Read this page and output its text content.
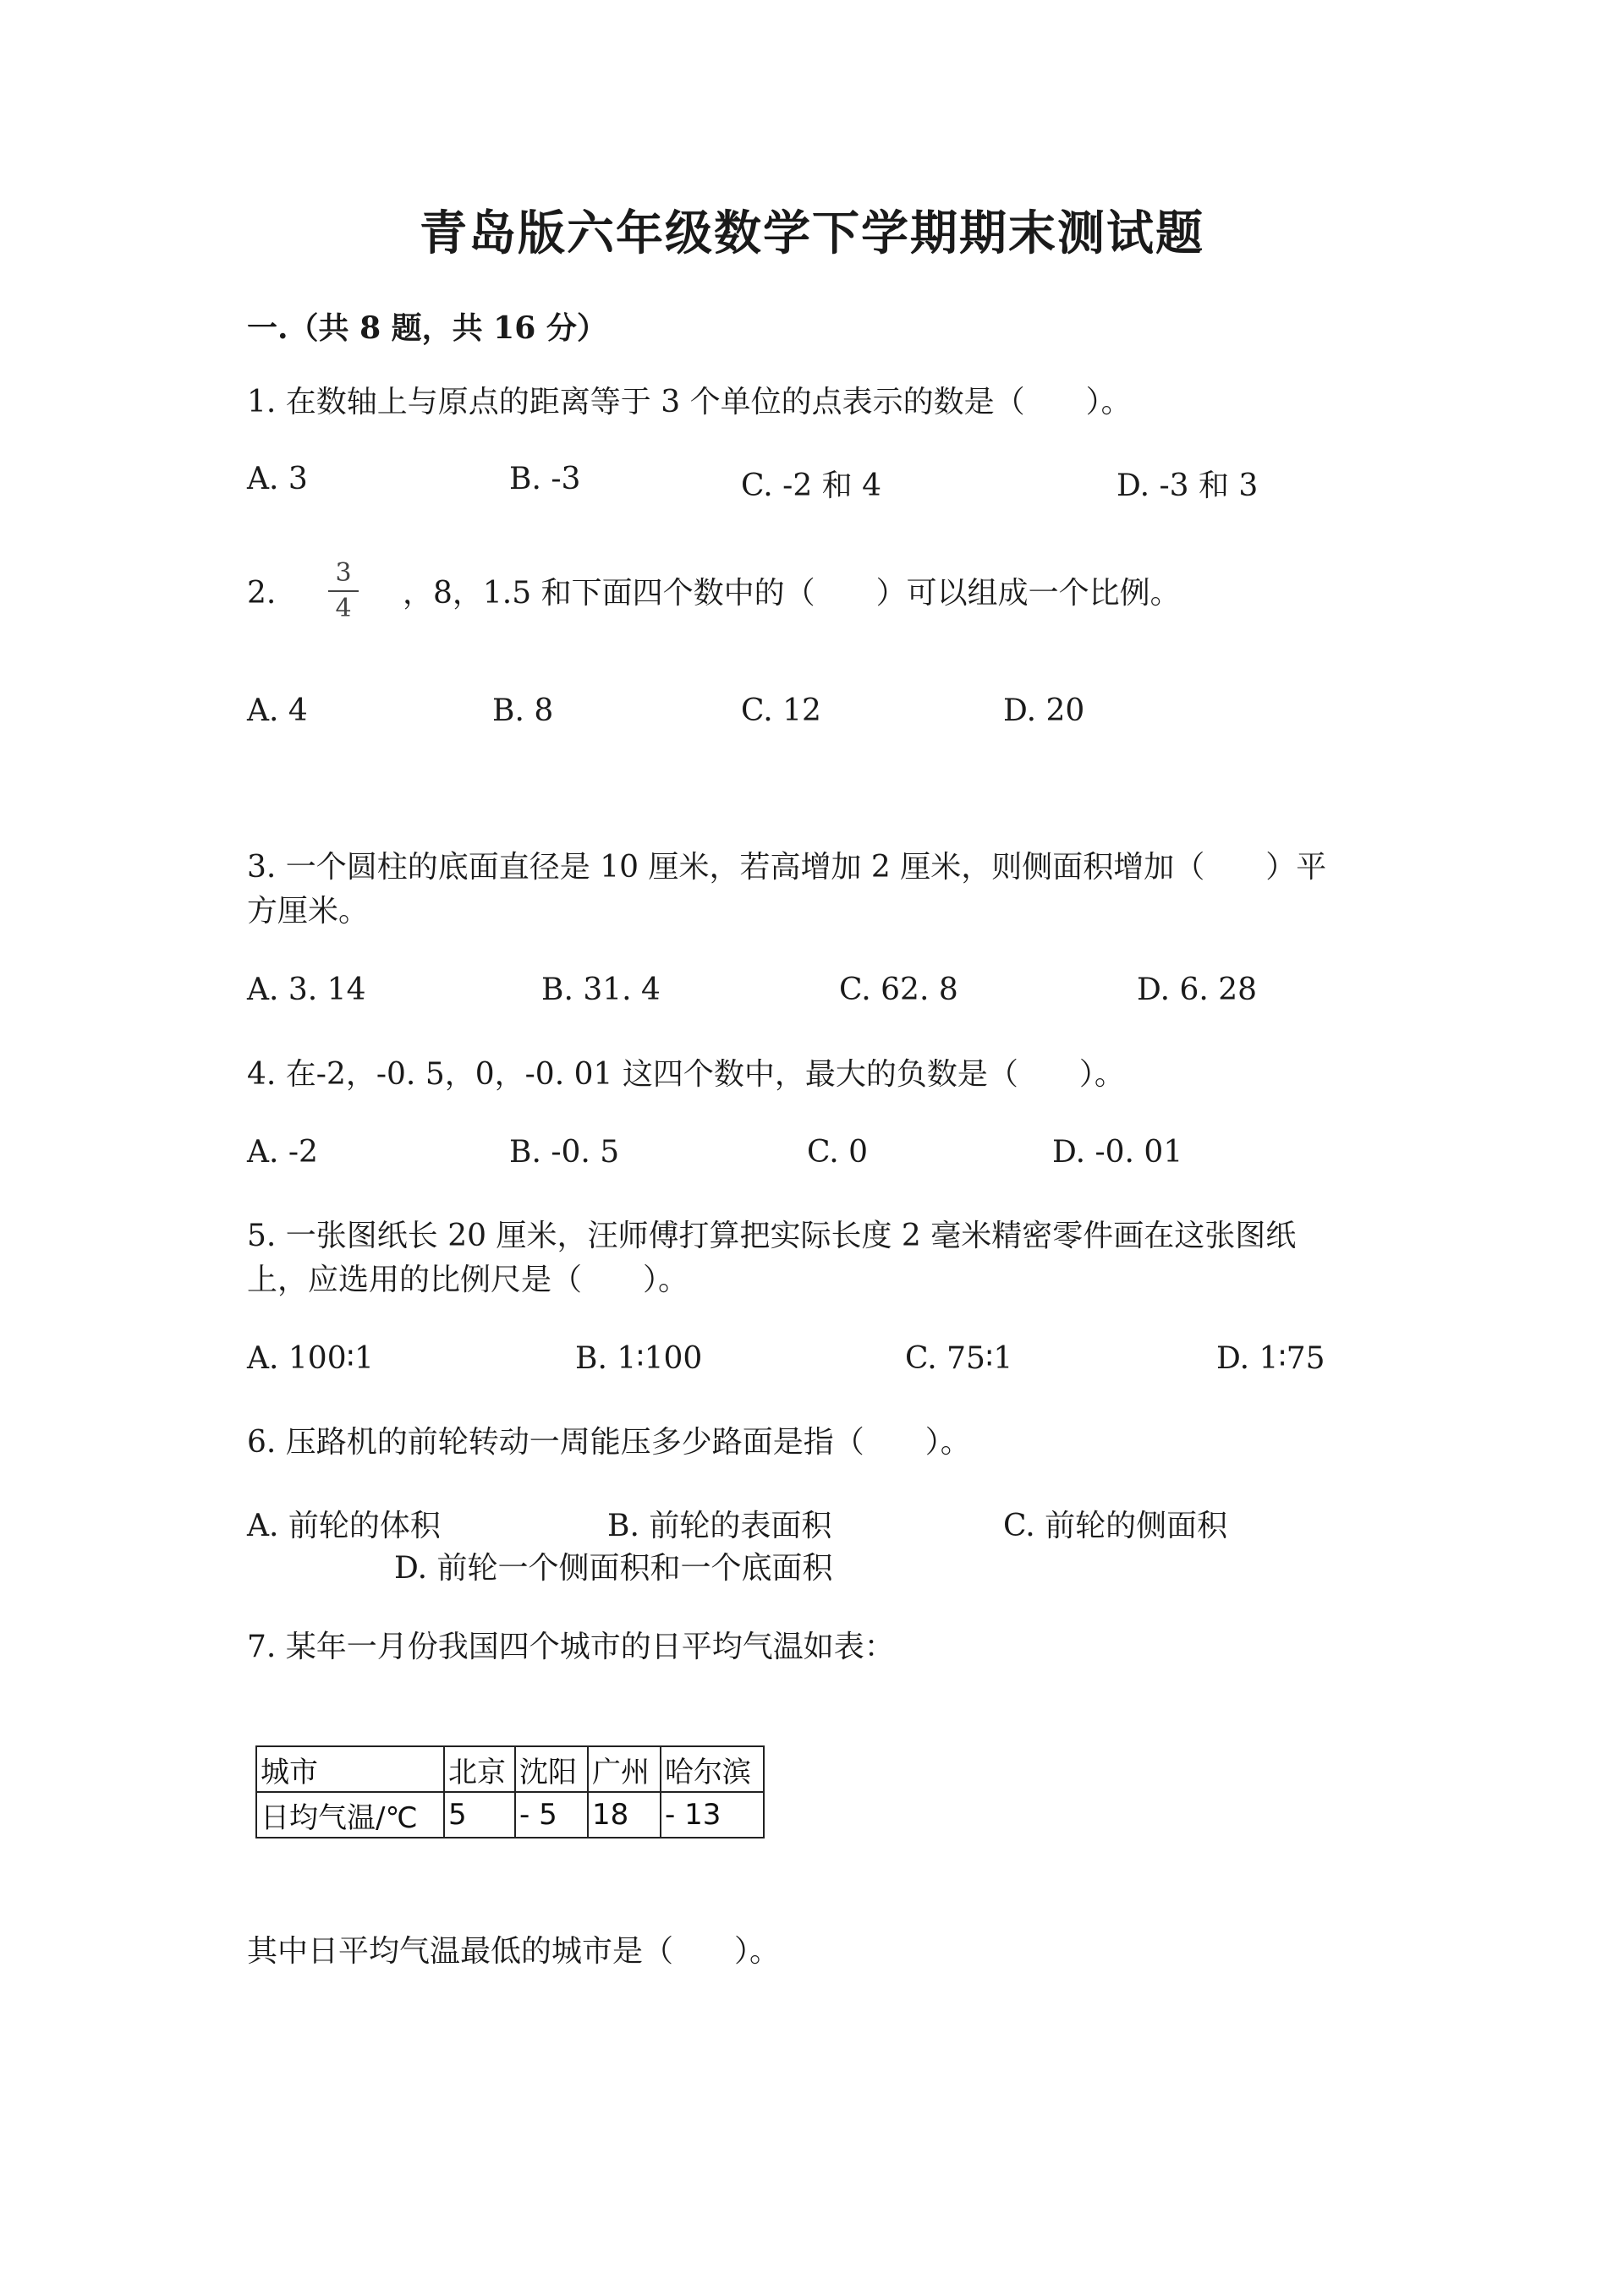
青岛版六年级数学下学期期末测试题
一.（共 8 题，共 16 分）
1. 在数轴上与原点的距离等于 3 个单位的点表示的数是（　　）。
A. 3	B. -3	C. -2 和 4	D. -3 和 3
2.
3
4	，8，1.5 和下面四个数中的（　　）可以组成一个比例。
A. 4	B. 8	C. 12	D. 20
3. 一个圆柱的底面直径是 10 厘米，若高增加 2 厘米，则侧面积增加（　　）平
方厘米。
A. 3. 14	B. 31. 4	C. 62. 8	D. 6. 28
4. 在-2，-0. 5，0，-0. 01 这四个数中，最大的负数是（　　）。
A. -2	B. -0. 5	C. 0	D. -0. 01
5. 一张图纸长 20 厘米，汪师傅打算把实际长度 2 毫米精密零件画在这张图纸
上，应选用的比例尺是（　　）。
A. 100∶1	B. 1∶100	C. 75∶1	D. 1∶75
6. 压路机的前轮转动一周能压多少路面是指（　　）。
A. 前轮的体积	B. 前轮的表面积	C. 前轮的侧面积
D. 前轮一个侧面积和一个底面积
7. 某年一月份我国四个城市的日平均气温如表：
城市	北京	沈阳	广州	哈尔滨
日均气温/℃	5	- 5	18	- 13
其中日平均气温最低的城市是（　　）。
